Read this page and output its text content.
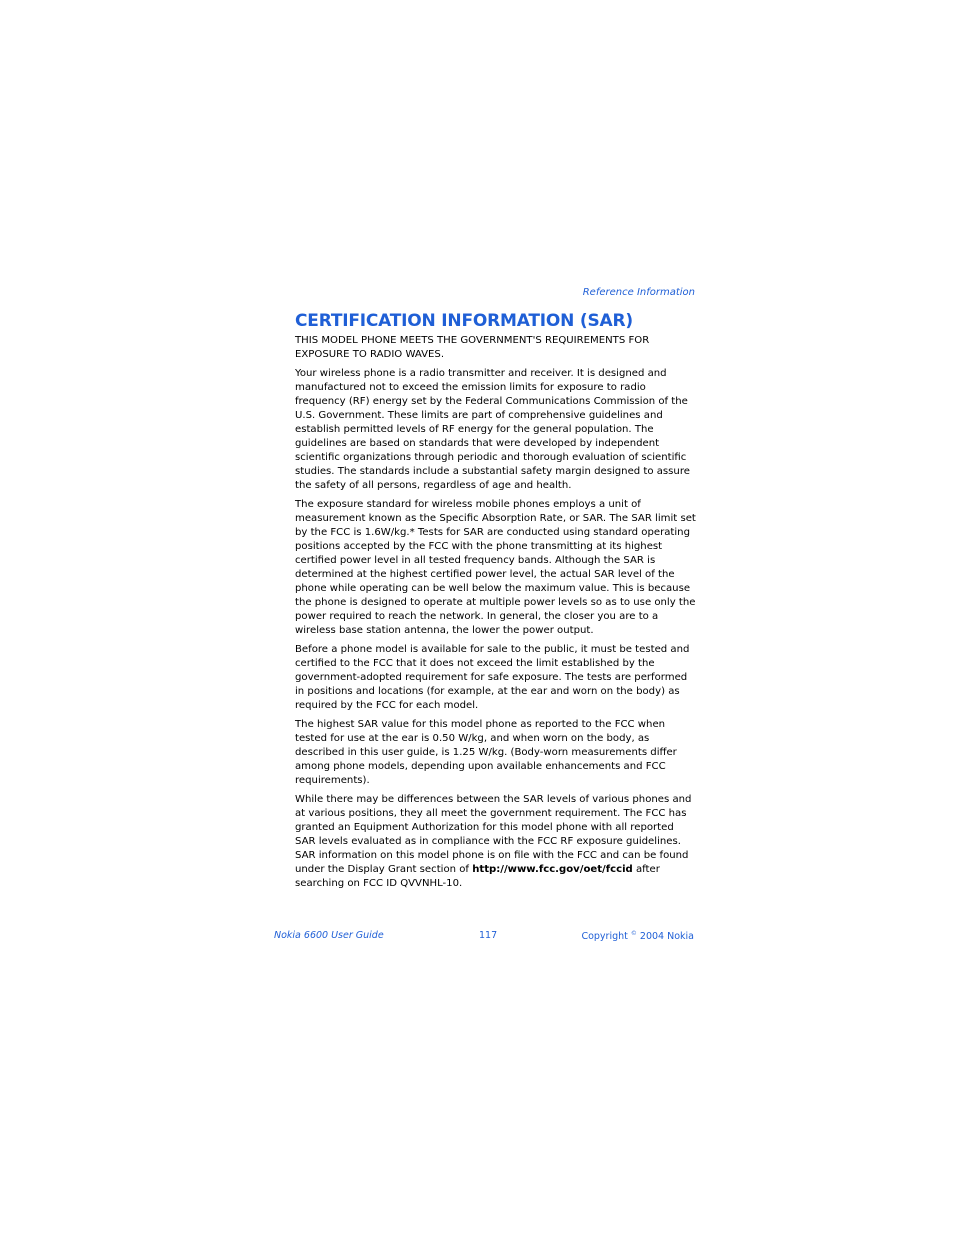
Reference Information
CERTIFICATION INFORMATION (SAR)

THIS MODEL PHONE MEETS THE GOVERNMENT'S REQUIREMENTS FOR EXPOSURE TO RADIO WAVES.

Your wireless phone is a radio transmitter and receiver. It is designed and manufactured not to exceed the emission limits for exposure to radio frequency (RF) energy set by the Federal Communications Commission of the U.S. Government. These limits are part of comprehensive guidelines and establish permitted levels of RF energy for the general population. The guidelines are based on standards that were developed by independent scientific organizations through periodic and thorough evaluation of scientific studies. The standards include a substantial safety margin designed to assure the safety of all persons, regardless of age and health.

The exposure standard for wireless mobile phones employs a unit of measurement known as the Specific Absorption Rate, or SAR. The SAR limit set by the FCC is 1.6W/kg.* Tests for SAR are conducted using standard operating positions accepted by the FCC with the phone transmitting at its highest certified power level in all tested frequency bands. Although the SAR is determined at the highest certified power level, the actual SAR level of the phone while operating can be well below the maximum value. This is because the phone is designed to operate at multiple power levels so as to use only the power required to reach the network. In general, the closer you are to a wireless base station antenna, the lower the power output.

Before a phone model is available for sale to the public, it must be tested and certified to the FCC that it does not exceed the limit established by the government-adopted requirement for safe exposure. The tests are performed in positions and locations (for example, at the ear and worn on the body) as required by the FCC for each model.

The highest SAR value for this model phone as reported to the FCC when tested for use at the ear is 0.50 W/kg, and when worn on the body, as described in this user guide, is 1.25 W/kg. (Body-worn measurements differ among phone models, depending upon available enhancements and FCC requirements).

While there may be differences between the SAR levels of various phones and at various positions, they all meet the government requirement. The FCC has granted an Equipment Authorization for this model phone with all reported SAR levels evaluated as in compliance with the FCC RF exposure guidelines. SAR information on this model phone is on file with the FCC and can be found under the Display Grant section of http://www.fcc.gov/oet/fccid after searching on FCC ID QVVNHL-10.

Nokia 6600 User Guide	117	Copyright © 2004 Nokia
